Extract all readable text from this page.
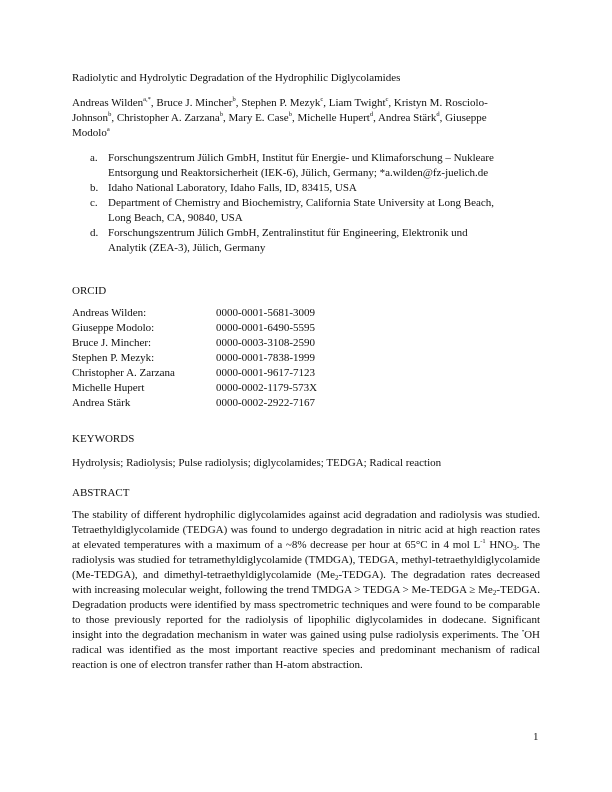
Radiolytic and Hydrolytic Degradation of the Hydrophilic Diglycolamides
Andreas Wilden$^{a,*}$, Bruce J. Mincher$^b$, Stephen P. Mezyk$^c$, Liam Twight$^c$, Kristyn M. Rosciolo-
Johnson$^b$, Christopher A. Zarzana$^b$, Mary E. Case$^b$, Michelle Hupert$^d$, Andrea Stärk$^d$, Giuseppe
Modolo$^a$
a. Forschungszentrum Jülich GmbH, Institut für Energie- und Klimaforschung – Nukleare
Entsorgung und Reaktorsicherheit (IEK-6), Jülich, Germany; *a.wilden@fz-juelich.de
b. Idaho National Laboratory, Idaho Falls, ID, 83415, USA
c. Department of Chemistry and Biochemistry, California State University at Long Beach,
Long Beach, CA, 90840, USA
d. Forschungszentrum Jülich GmbH, Zentralinstitut für Engineering, Elektronik und
Analytik (ZEA-3), Jülich, Germany
ORCID
Andreas Wilden:	0000-0001-5681-3009
Giuseppe Modolo:	0000-0001-6490-5595
Bruce J. Mincher:	0000-0003-3108-2590
Stephen P. Mezyk:	0000-0001-7838-1999
Christopher A. Zarzana	0000-0001-9617-7123
Michelle Hupert	0000-0002-1179-573X
Andrea Stärk	0000-0002-2922-7167
KEYWORDS
Hydrolysis; Radiolysis; Pulse radiolysis; diglycolamides; TEDGA; Radical reaction
ABSTRACT
The stability of different hydrophilic diglycolamides against acid degradation and radiolysis was studied. Tetraethyldiglycolamide (TEDGA) was found to undergo degradation in nitric acid at high reaction rates at elevated temperatures with a maximum of a ~8% decrease per hour at 65°C in 4 mol $L^{-1}$ $HNO_3$. The radiolysis was studied for tetramethyldiglycolamide (TMDGA), TEDGA, methyl-tetraethyldiglycolamide (Me-TEDGA), and dimethyl-tetraethyldiglycolamide $(Me_2-TEDGA)$. The degradation rates decreased with increasing molecular weight, following the trend TMDGA > TEDGA > Me-TEDGA ≥ $Me_2$-TEDGA. Degradation products were identified by mass spectrometric techniques and were found to be comparable to those previously reported for the radiolysis of lipophilic diglycolamides in dodecane. Significant insight into the degradation mechanism in water was gained using pulse radiolysis experiments. The •OH radical was identified as the most important reactive species and predominant mechanism of radical reaction is one of electron transfer rather than H-atom abstraction.
1
